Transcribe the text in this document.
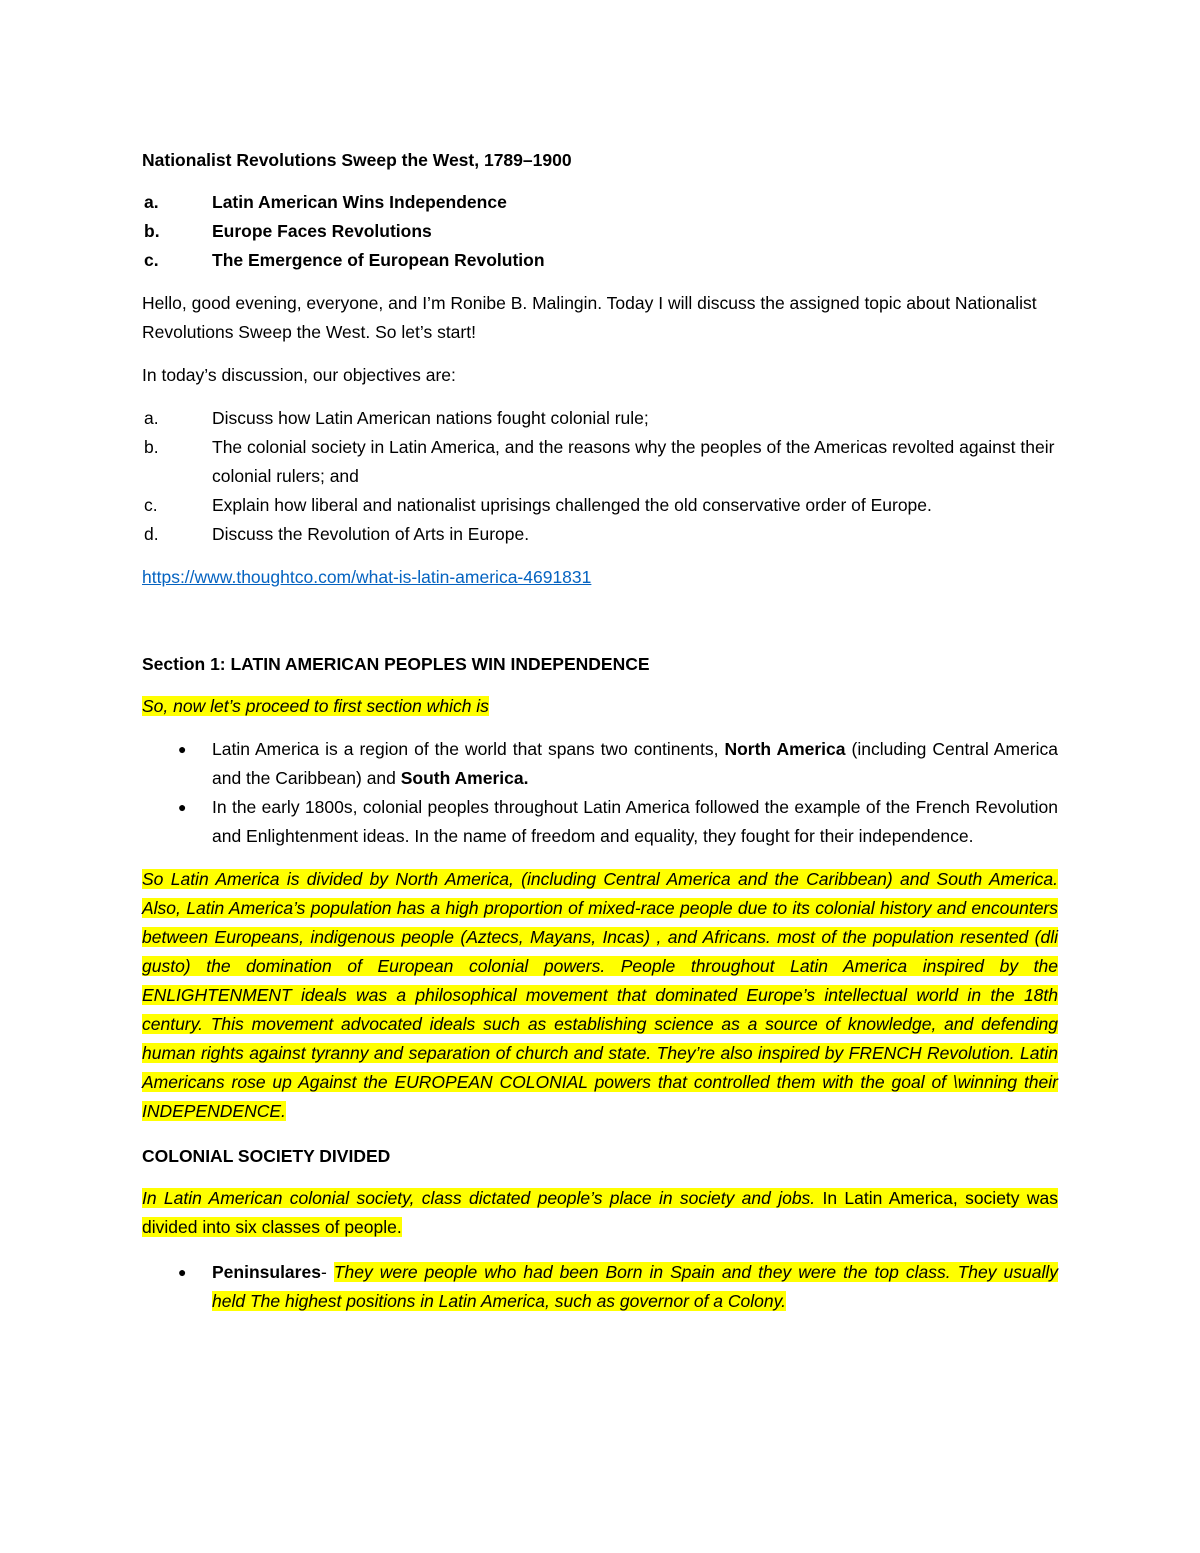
Nationalist Revolutions Sweep the West, 1789–1900

a.	Latin American Wins Independence
b.	Europe Faces Revolutions
c.	The Emergence of European Revolution

Hello, good evening, everyone, and I’m Ronibe B. Malingin. Today I will discuss the assigned topic about Nationalist Revolutions Sweep the West. So let’s start!

In today’s discussion, our objectives are:

a.	Discuss how Latin American nations fought colonial rule;
b.	The colonial society in Latin America, and the reasons why the peoples of the Americas revolted against their colonial rulers; and
c.	Explain how liberal and nationalist uprisings challenged the old conservative order of Europe.
d.	Discuss the Revolution of Arts in Europe.

https://www.thoughtco.com/what-is-latin-america-4691831

Section 1: LATIN AMERICAN PEOPLES WIN INDEPENDENCE

So, now let’s proceed to first section which is

● Latin America is a region of the world that spans two continents, North America (including Central America and the Caribbean) and South America.
● In the early 1800s, colonial peoples throughout Latin America followed the example of the French Revolution and Enlightenment ideas. In the name of freedom and equality, they fought for their independence.

So Latin America is divided by North America, (including Central America and the Caribbean) and South America. Also, Latin America’s population has a high proportion of mixed-race people due to its colonial history and encounters between Europeans, indigenous people (Aztecs, Mayans, Incas) , and Africans. most of the population resented (dli gusto) the domination of European colonial powers. People throughout Latin America inspired by the ENLIGHTENMENT ideals was a philosophical movement that dominated Europe’s intellectual world in the 18th century. This movement advocated ideals such as establishing science as a source of knowledge, and defending human rights against tyranny and separation of church and state. They’re also inspired by FRENCH Revolution. Latin Americans rose up Against the EUROPEAN COLONIAL powers that controlled them with the goal of \winning their INDEPENDENCE.

COLONIAL SOCIETY DIVIDED

In Latin American colonial society, class dictated people’s place in society and jobs. In Latin America, society was divided into six classes of people.

● Peninsulares- They were people who had been Born in Spain and they were the top class. They usually held The highest positions in Latin America, such as governor of a Colony.
